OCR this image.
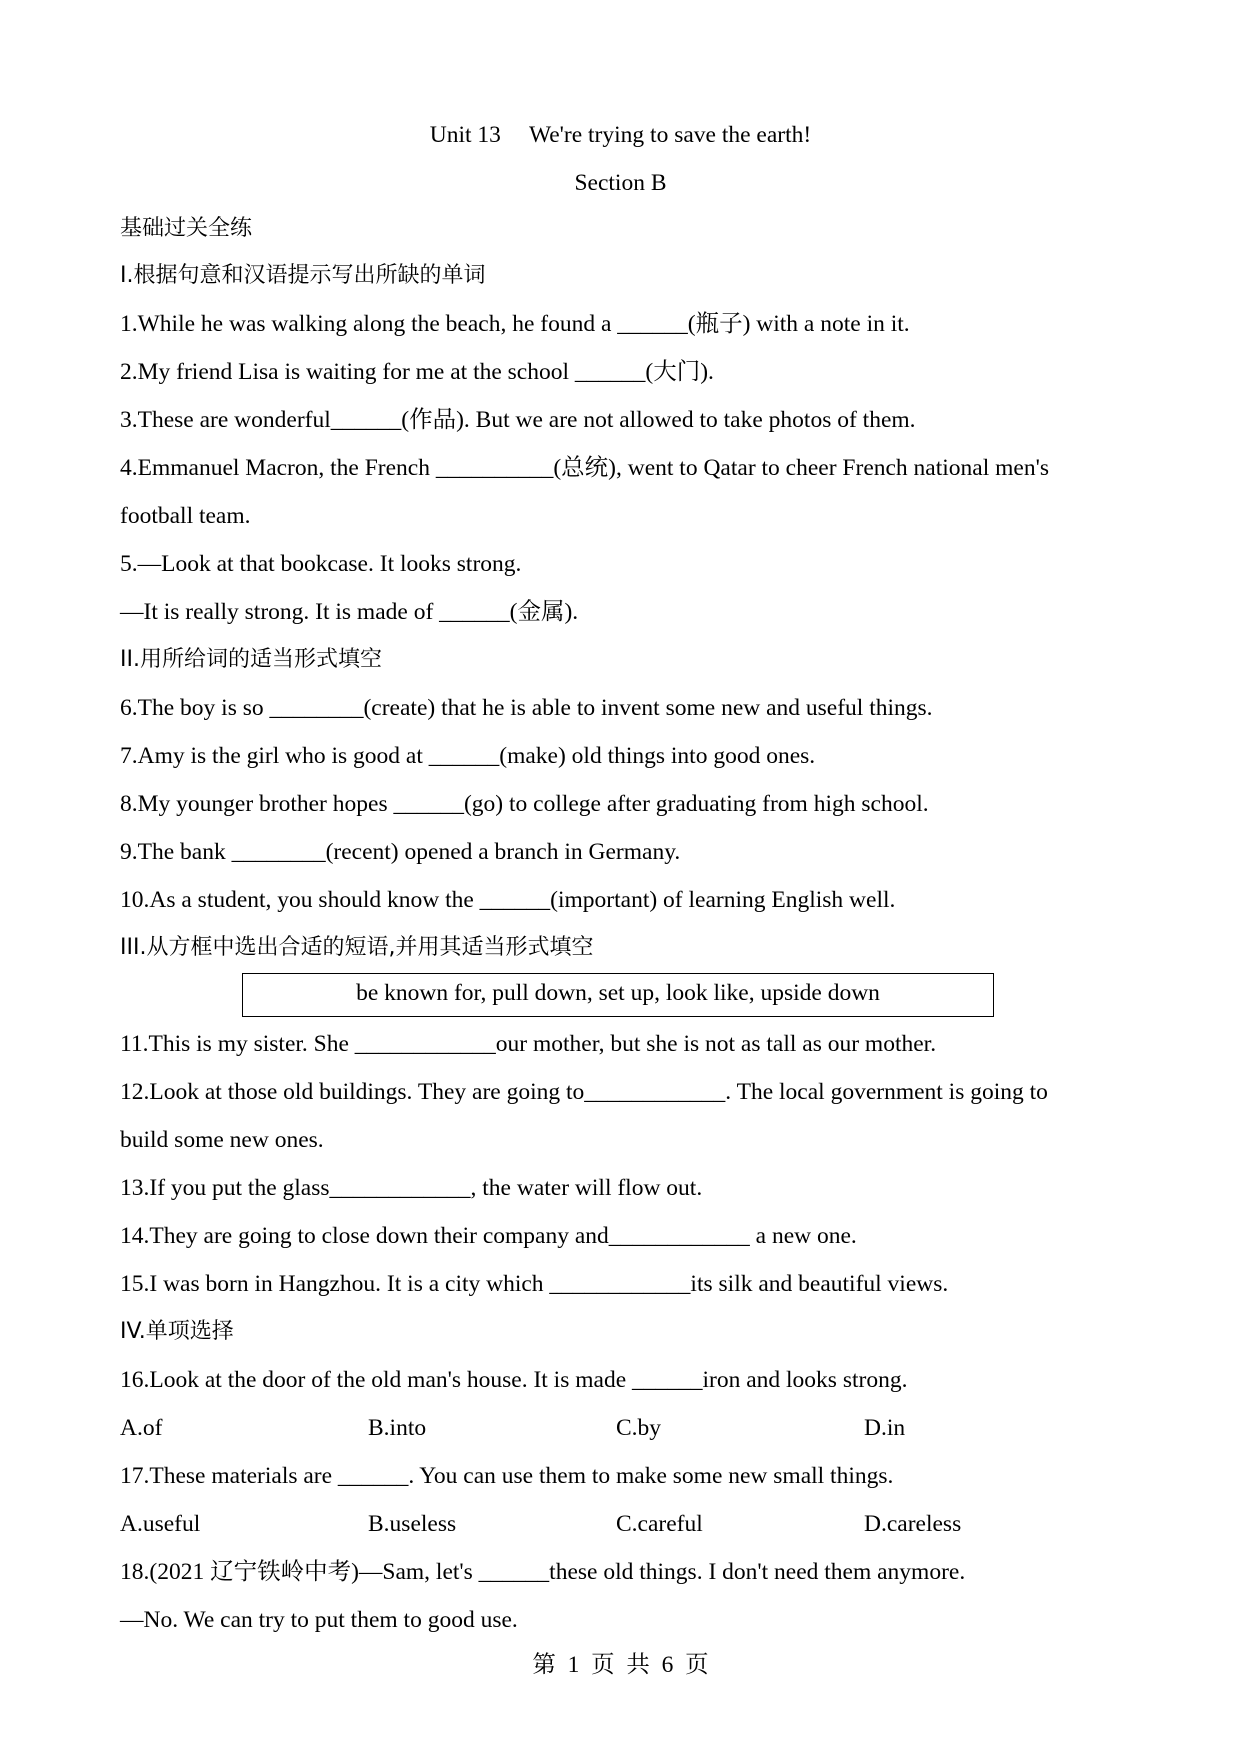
Unit 13 We're trying to save the earth!
Section B
基础过关全练
I.根据句意和汉语提示写出所缺的单词
1.While he was walking along the beach, he found a ______(瓶子) with a note in it.
2.My friend Lisa is waiting for me at the school ______(大门).
3.These are wonderful______(作品). But we are not allowed to take photos of them.
4.Emmanuel Macron, the French __________(总统), went to Qatar to cheer French national men's
football team.
5.—Look at that bookcase. It looks strong.
—It is really strong. It is made of ______(金属).
II.用所给词的适当形式填空
6.The boy is so ________(create) that he is able to invent some new and useful things.
7.Amy is the girl who is good at ______(make) old things into good ones.
8.My younger brother hopes ______(go) to college after graduating from high school.
9.The bank ________(recent) opened a branch in Germany.
10.As a student, you should know the ______(important) of learning English well.
III.从方框中选出合适的短语,并用其适当形式填空
be known for, pull down, set up, look like, upside down
11.This is my sister. She ____________our mother, but she is not as tall as our mother.
12.Look at those old buildings. They are going to____________. The local government is going to
build some new ones.
13.If you put the glass____________, the water will flow out.
14.They are going to close down their company and____________ a new one.
15.I was born in Hangzhou. It is a city which ____________its silk and beautiful views.
IV.单项选择
16.Look at the door of the old man's house. It is made ______iron and looks strong.
A.of	B.into	C.by	D.in
17.These materials are ______. You can use them to make some new small things.
A.useful	B.useless	C.careful	D.careless
18.(2021 辽宁铁岭中考)—Sam, let's ______these old things. I don't need them anymore.
—No. We can try to put them to good use.
第  1  页  共  6  页
